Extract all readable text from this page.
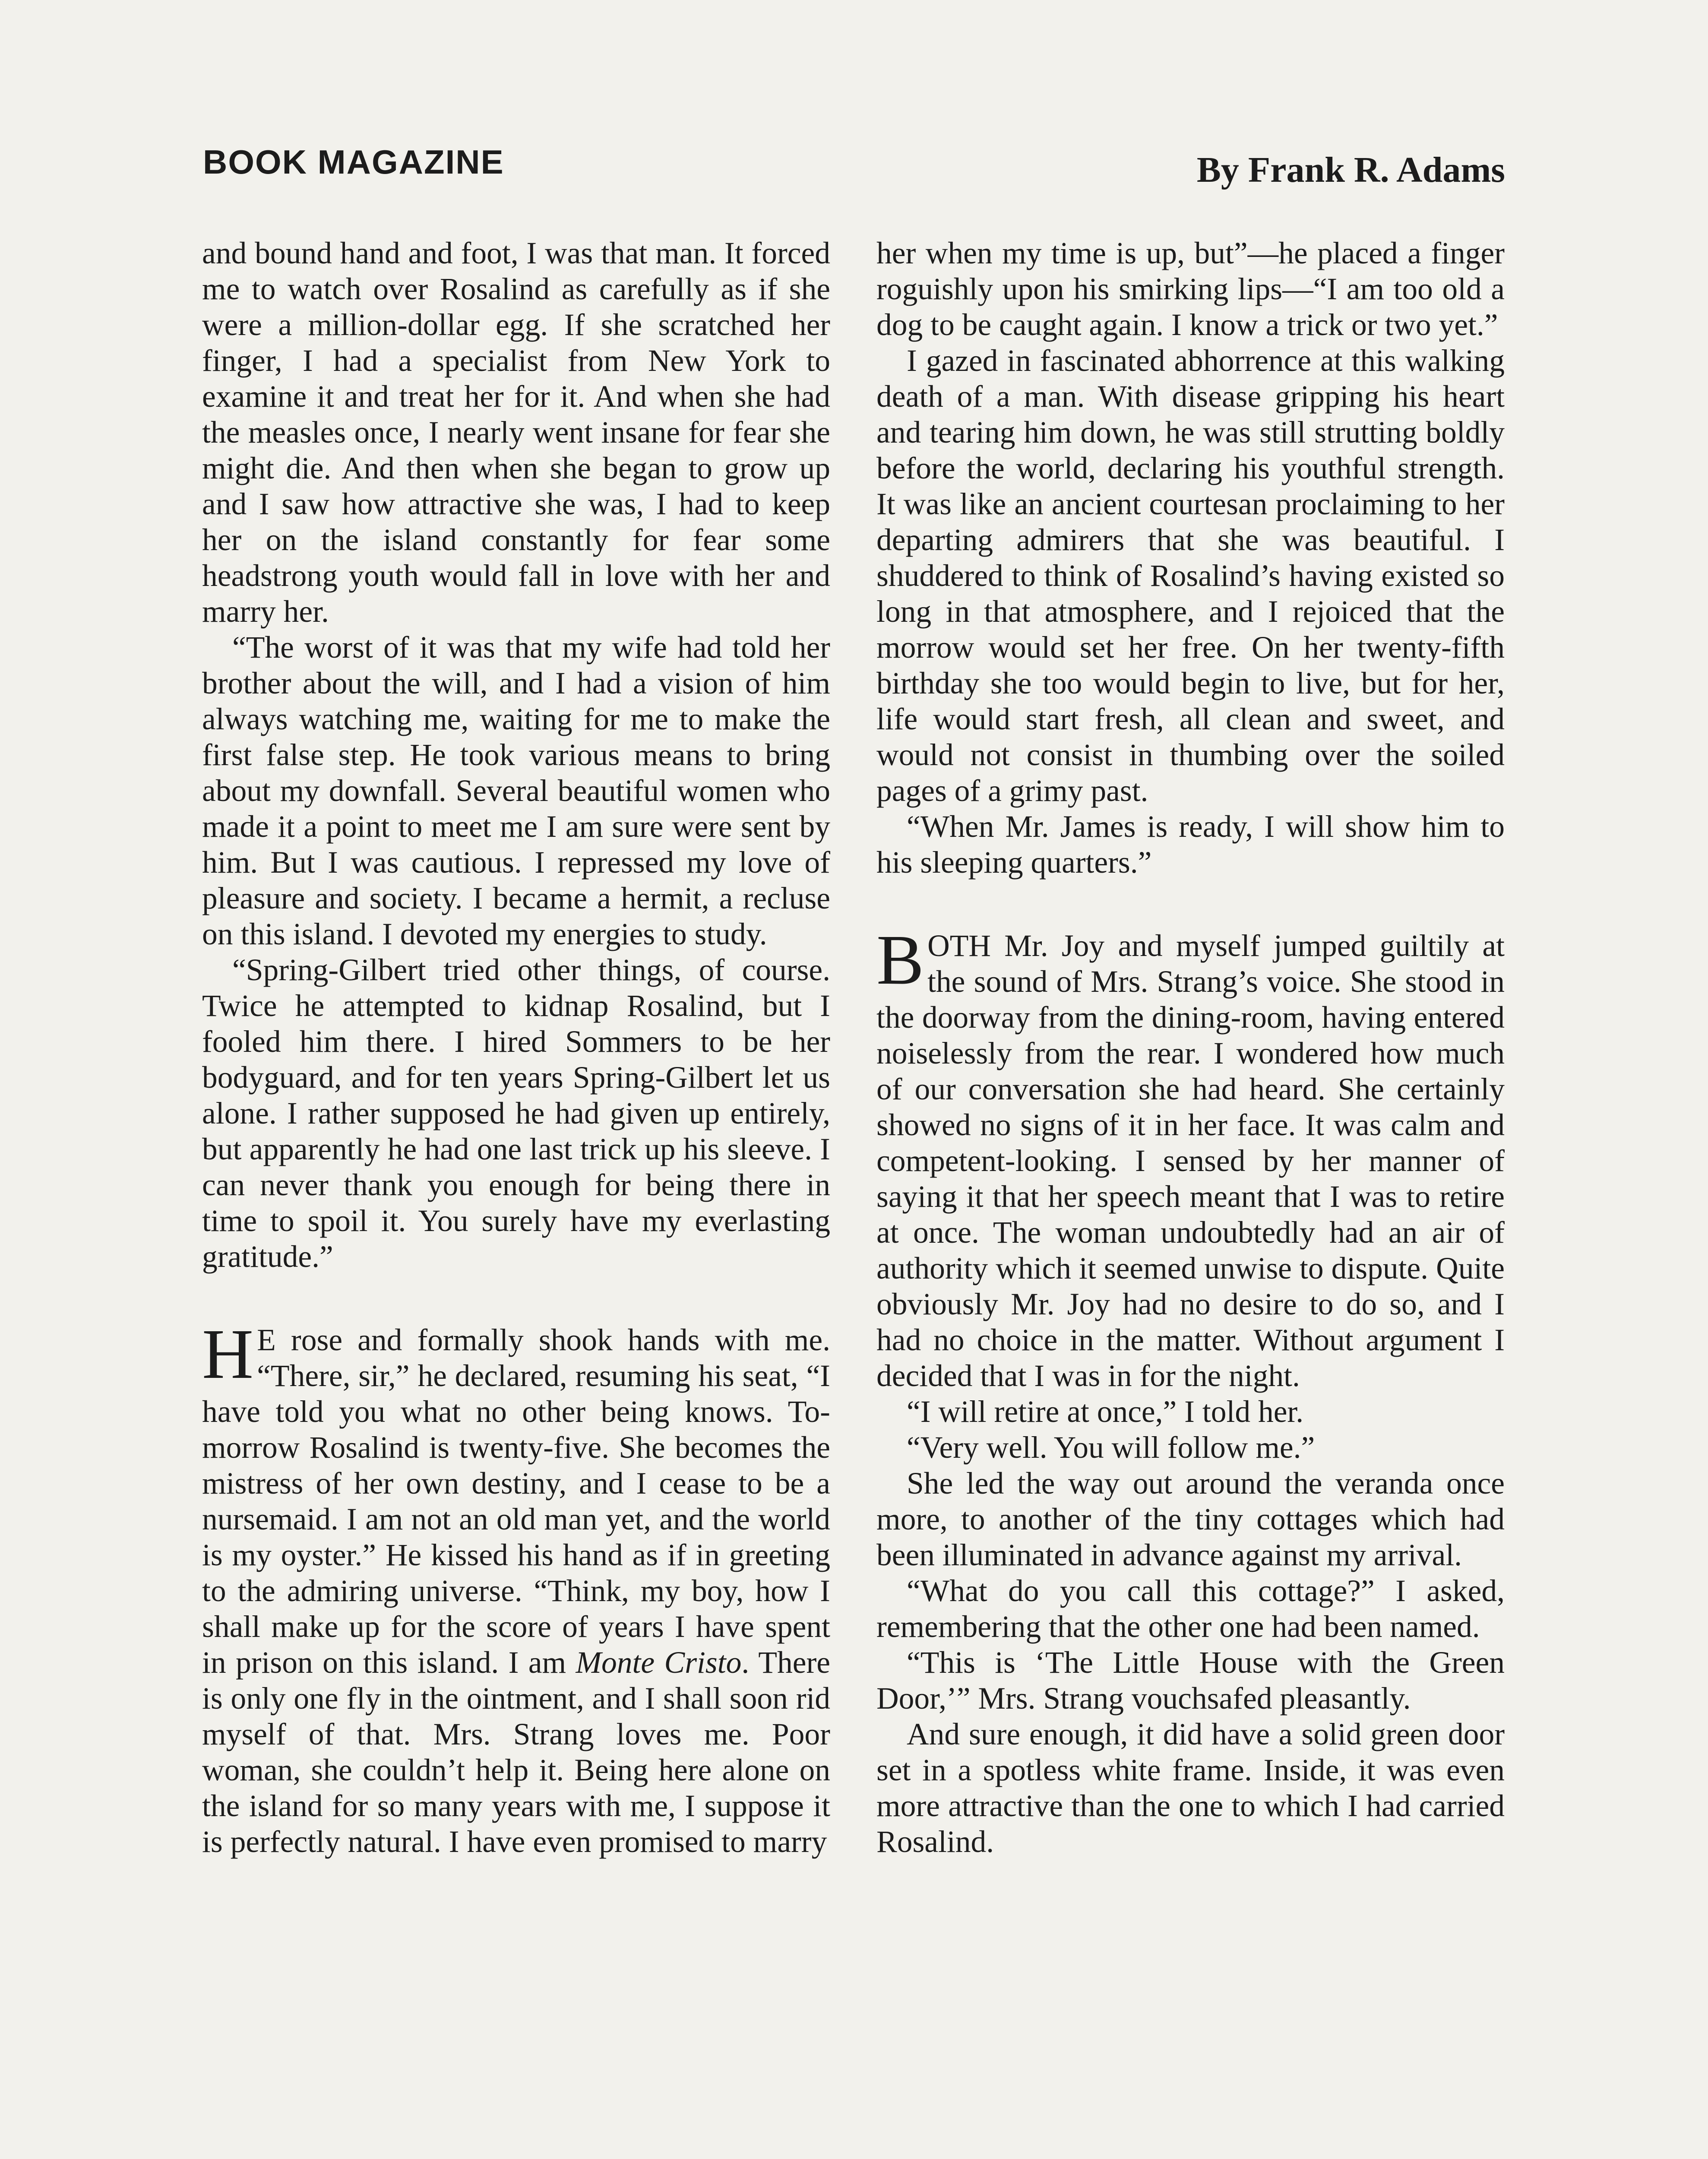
BOOK MAGAZINE	By Frank R. Adams

and bound hand and foot, I was that man. It forced me to watch over Rosalind as carefully as if she were a million-dollar egg. If she scratched her finger, I had a specialist from New York to examine it and treat her for it. And when she had the measles once, I nearly went insane for fear she might die. And then when she began to grow up and I saw how attractive she was, I had to keep her on the island constantly for fear some headstrong youth would fall in love with her and marry her.

“The worst of it was that my wife had told her brother about the will, and I had a vision of him always watching me, waiting for me to make the first false step. He took various means to bring about my downfall. Several beautiful women who made it a point to meet me I am sure were sent by him. But I was cautious. I repressed my love of pleasure and society. I became a hermit, a recluse on this island. I devoted my energies to study.

“Spring-Gilbert tried other things, of course. Twice he attempted to kidnap Rosalind, but I fooled him there. I hired Sommers to be her bodyguard, and for ten years Spring-Gilbert let us alone. I rather supposed he had given up entirely, but apparently he had one last trick up his sleeve. I can never thank you enough for being there in time to spoil it. You surely have my everlasting gratitude.”

H E rose and formally shook hands with me. “There, sir,” he declared, resuming his seat, “I have told you what no other being knows. To-morrow Rosalind is twenty-five. She becomes the mistress of her own destiny, and I cease to be a nursemaid. I am not an old man yet, and the world is my oyster.” He kissed his hand as if in greeting to the admiring universe. “Think, my boy, how I shall make up for the score of years I have spent in prison on this island. I am Monte Cristo. There is only one fly in the ointment, and I shall soon rid myself of that. Mrs. Strang loves me. Poor woman, she couldn’t help it. Being here alone on the island for so many years with me, I suppose it is perfectly natural. I have even promised to marry

her when my time is up, but”—he placed a finger roguishly upon his smirking lips—“I am too old a dog to be caught again. I know a trick or two yet.”

I gazed in fascinated abhorrence at this walking death of a man. With disease gripping his heart and tearing him down, he was still strutting boldly before the world, declaring his youthful strength. It was like an ancient courtesan proclaiming to her departing admirers that she was beautiful. I shuddered to think of Rosalind’s having existed so long in that atmosphere, and I rejoiced that the morrow would set her free. On her twenty-fifth birthday she too would begin to live, but for her, life would start fresh, all clean and sweet, and would not consist in thumbing over the soiled pages of a grimy past.

“When Mr. James is ready, I will show him to his sleeping quarters.”

BOTH Mr. Joy and myself jumped guiltily at the sound of Mrs. Strang’s voice. She stood in the doorway from the dining-room, having entered noiselessly from the rear. I wondered how much of our conversation she had heard. She certainly showed no signs of it in her face. It was calm and competent-looking. I sensed by her manner of saying it that her speech meant that I was to retire at once. The woman undoubtedly had an air of authority which it seemed unwise to dispute. Quite obviously Mr. Joy had no desire to do so, and I had no choice in the matter. Without argument I decided that I was in for the night.

“I will retire at once,” I told her.

“Very well. You will follow me.”

She led the way out around the veranda once more, to another of the tiny cottages which had been illuminated in advance against my arrival.

“What do you call this cottage?” I asked, remembering that the other one had been named.

“This is ‘The Little House with the Green Door,’” Mrs. Strang vouchsafed pleasantly.

And sure enough, it did have a solid green door set in a spotless white frame. Inside, it was even more attractive than the one to which I had carried Rosalind.
